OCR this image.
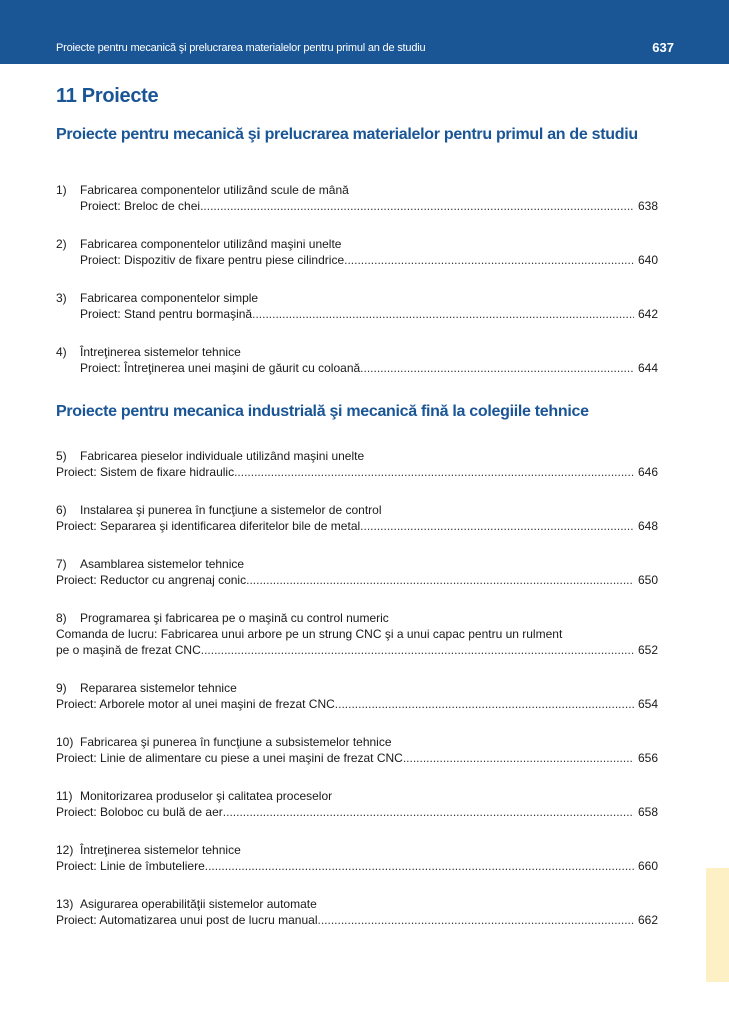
Proiecte pentru mecanică şi prelucrarea materialelor pentru primul an de studiu	637
11 Proiecte
Proiecte pentru mecanică şi prelucrarea materialelor pentru primul an de studiu
1) Fabricarea componentelor utilizând scule de mână
Proiect: Breloc de chei .....	638
2) Fabricarea componentelor utilizând maşini unelte
Proiect: Dispozitiv de fixare pentru piese cilindrice .....	640
3) Fabricarea componentelor simple
Proiect: Stand pentru bormaşină .....	642
4) Întreţinerea sistemelor tehnice
Proiect: Întreţinerea unei maşini de găurit cu coloană .....	644
Proiecte pentru mecanica industrială şi mecanică fină la colegiile tehnice
5) Fabricarea pieselor individuale utilizând maşini unelte
Proiect: Sistem de fixare hidraulic .....	646
6) Instalarea şi punerea în funcţiune a sistemelor de control
Proiect: Separarea şi identificarea diferitelor bile de metal .....	648
7) Asamblarea sistemelor tehnice
Proiect: Reductor cu angrenaj conic .....	650
8) Programarea şi fabricarea pe o maşină cu control numeric
Comanda de lucru: Fabricarea unui arbore pe un strung CNC şi a unui capac pentru un rulment
pe o maşină de frezat CNC .....	652
9) Repararea sistemelor tehnice
Proiect: Arborele motor al unei maşini de frezat CNC .....	654
10) Fabricarea şi punerea în funcţiune a subsistemelor tehnice
Proiect: Linie de alimentare cu piese a unei maşini de frezat CNC .....	656
11) Monitorizarea produselor şi calitatea proceselor
Proiect: Boloboc cu bulă de aer .....	658
12) Întreţinerea sistemelor tehnice
Proiect: Linie de îmbuteliere .....	660
13) Asigurarea operabilităţii sistemelor automate
Proiect: Automatizarea unui post de lucru manual .....	662
